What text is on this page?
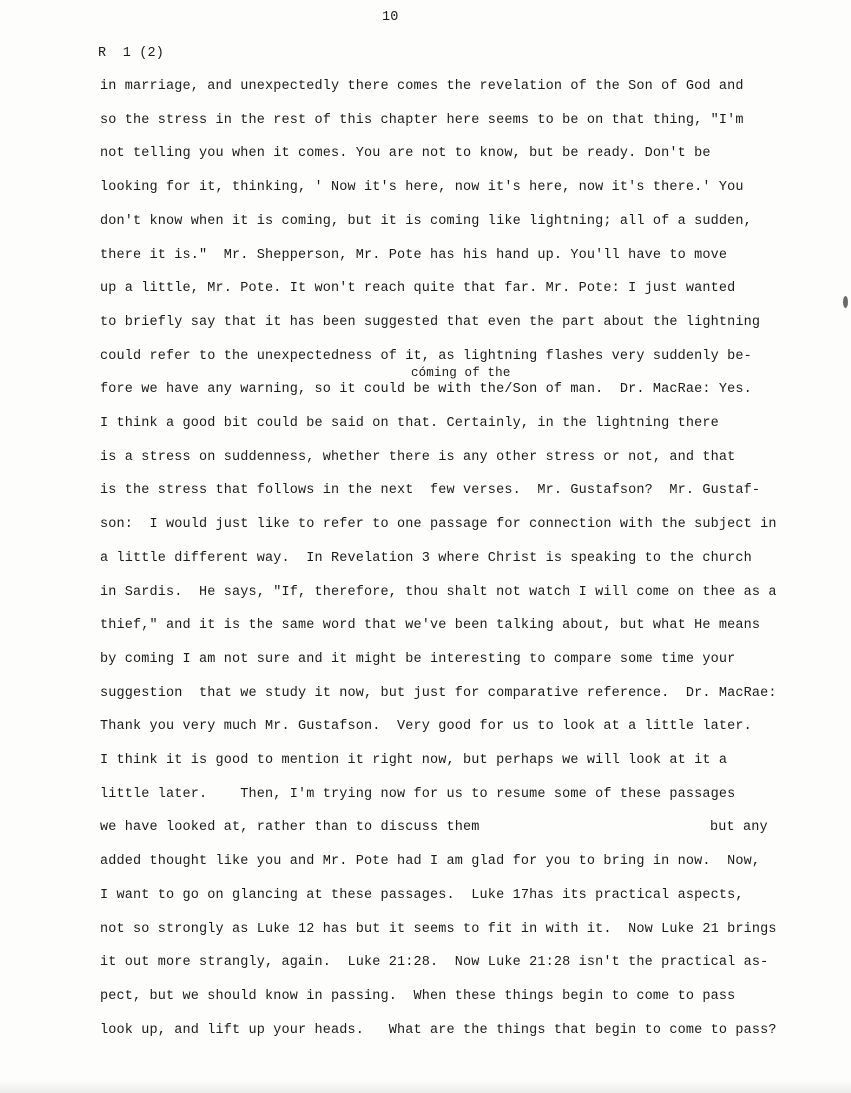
10
R  1 (2)
cóming of the
in marriage, and unexpectedly there comes the revelation of the Son of God and
so the stress in the rest of this chapter here seems to be on that thing, "I'm
not telling you when it comes. You are not to know, but be ready. Don't be
looking for it, thinking, ' Now it's here, now it's here, now it's there.' You
don't know when it is coming, but it is coming like lightning; all of a sudden,
there it is."  Mr. Shepperson, Mr. Pote has his hand up. You'll have to move
up a little, Mr. Pote. It won't reach quite that far. Mr. Pote: I just wanted
to briefly say that it has been suggested that even the part about the lightning
could refer to the unexpectedness of it, as lightning flashes very suddenly be-
fore we have any warning, so it could be with the/Son of man.  Dr. MacRae: Yes.
I think a good bit could be said on that. Certainly, in the lightning there
is a stress on suddenness, whether there is any other stress or not, and that
is the stress that follows in the next  few verses.  Mr. Gustafson?  Mr. Gustaf-
son:  I would just like to refer to one passage for connection with the subject in
a little different way.  In Revelation 3 where Christ is speaking to the church
in Sardis.  He says, "If, therefore, thou shalt not watch I will come on thee as a
thief," and it is the same word that we've been talking about, but what He means
by coming I am not sure and it might be interesting to compare some time your
suggestion  that we study it now, but just for comparative reference.  Dr. MacRae:
Thank you very much Mr. Gustafson.  Very good for us to look at a little later.
I think it is good to mention it right now, but perhaps we will look at it a
little later.    Then, I'm trying now for us to resume some of these passages
we have looked at, rather than to discuss them
added thought like you and Mr. Pote had I am glad for you to bring in now.  Now,
I want to go on glancing at these passages.  Luke 17has its practical aspects,
not so strongly as Luke 12 has but it seems to fit in with it.  Now Luke 21 brings
it out more strangly, again.  Luke 21:28.  Now Luke 21:28 isn't the practical as-
pect, but we should know in passing.  When these things begin to come to pass
look up, and lift up your heads.   What are the things that begin to come to pass?
but any
